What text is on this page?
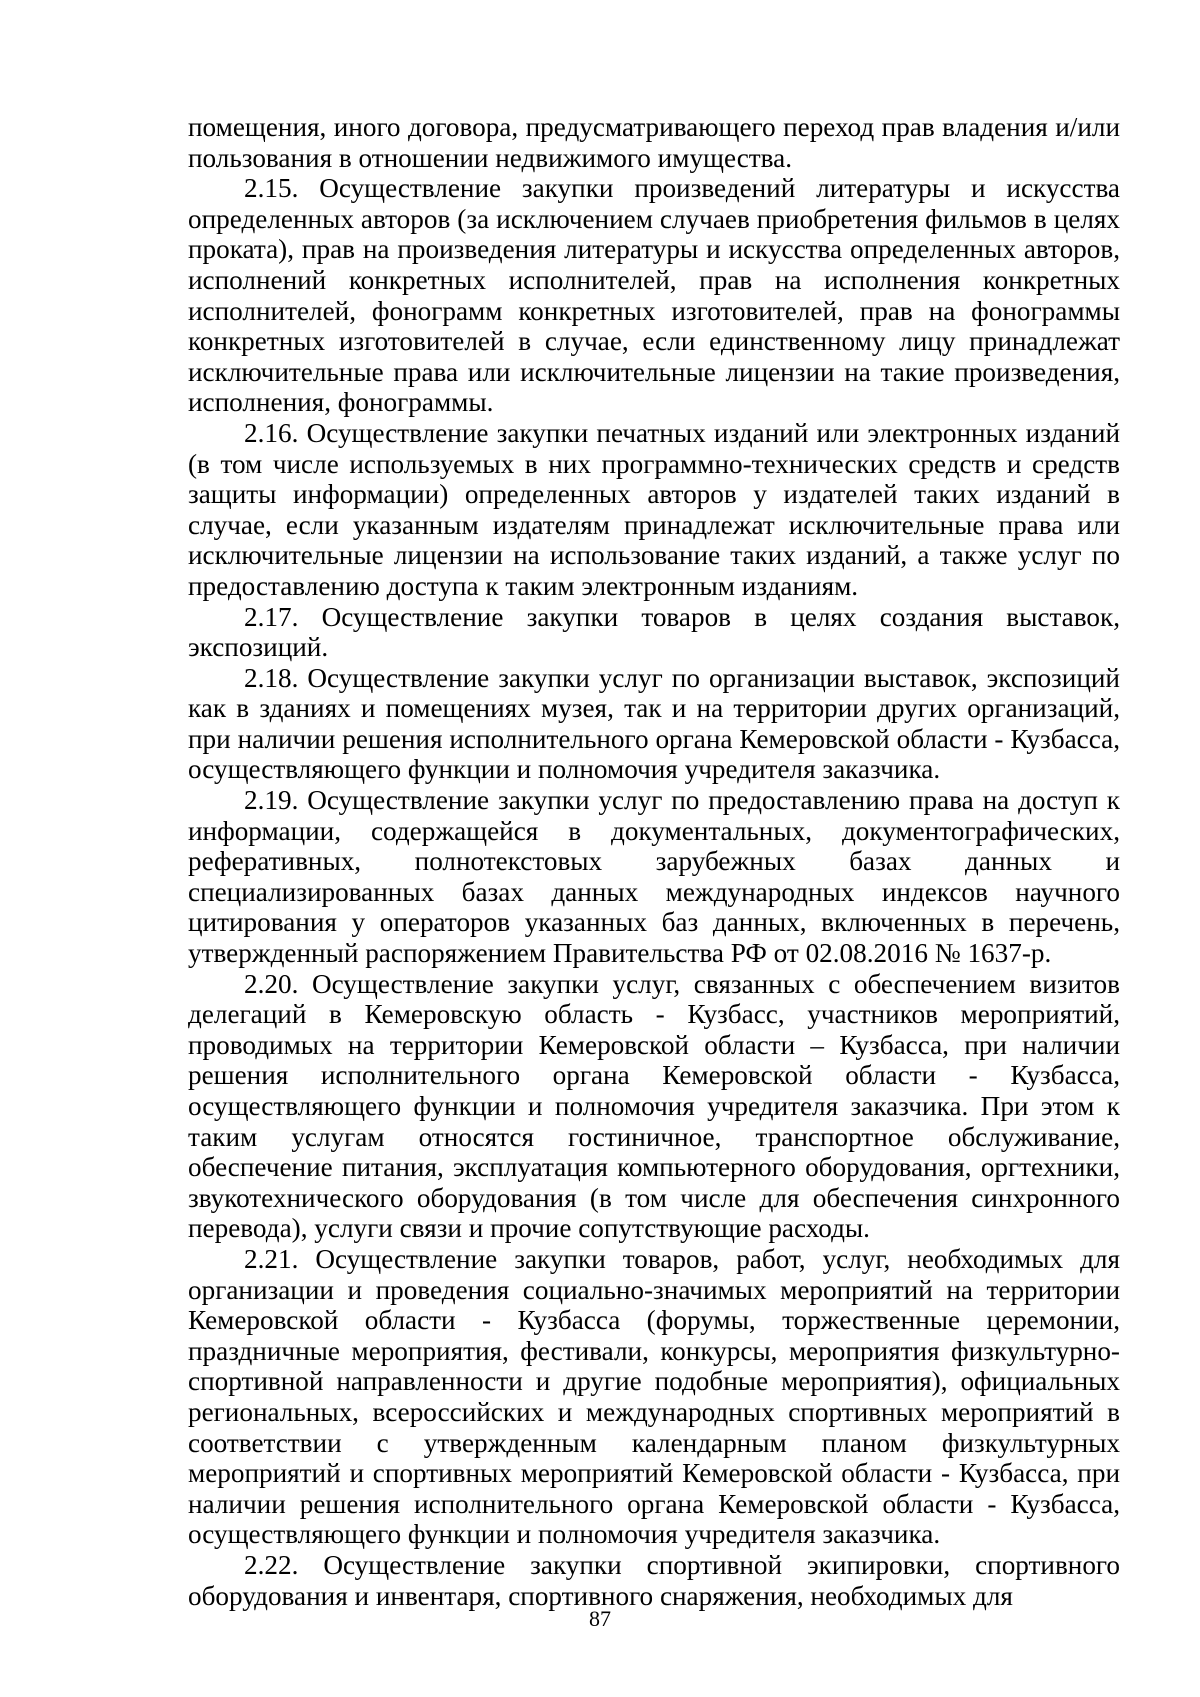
помещения, иного договора, предусматривающего переход прав владения и/или пользования в отношении недвижимого имущества.

2.15. Осуществление закупки произведений литературы и искусства определенных авторов (за исключением случаев приобретения фильмов в целях проката), прав на произведения литературы и искусства определенных авторов, исполнений конкретных исполнителей, прав на исполнения конкретных исполнителей, фонограмм конкретных изготовителей, прав на фонограммы конкретных изготовителей в случае, если единственному лицу принадлежат исключительные права или исключительные лицензии на такие произведения, исполнения, фонограммы.

2.16. Осуществление закупки печатных изданий или электронных изданий (в том числе используемых в них программно-технических средств и средств защиты информации) определенных авторов у издателей таких изданий в случае, если указанным издателям принадлежат исключительные права или исключительные лицензии на использование таких изданий, а также услуг по предоставлению доступа к таким электронным изданиям.

2.17. Осуществление закупки товаров в целях создания выставок, экспозиций.

2.18. Осуществление закупки услуг по организации выставок, экспозиций как в зданиях и помещениях музея, так и на территории других организаций, при наличии решения исполнительного органа Кемеровской области - Кузбасса, осуществляющего функции и полномочия учредителя заказчика.

2.19. Осуществление закупки услуг по предоставлению права на доступ к информации, содержащейся в документальных, документографических, реферативных, полнотекстовых зарубежных базах данных и специализированных базах данных международных индексов научного цитирования у операторов указанных баз данных, включенных в перечень, утвержденный распоряжением Правительства РФ от 02.08.2016 № 1637-р.

2.20. Осуществление закупки услуг, связанных с обеспечением визитов делегаций в Кемеровскую область - Кузбасс, участников мероприятий, проводимых на территории Кемеровской области – Кузбасса, при наличии решения исполнительного органа Кемеровской области - Кузбасса, осуществляющего функции и полномочия учредителя заказчика. При этом к таким услугам относятся гостиничное, транспортное обслуживание, обеспечение питания, эксплуатация компьютерного оборудования, оргтехники, звукотехнического оборудования (в том числе для обеспечения синхронного перевода), услуги связи и прочие сопутствующие расходы.

2.21. Осуществление закупки товаров, работ, услуг, необходимых для организации и проведения социально-значимых мероприятий на территории Кемеровской области - Кузбасса (форумы, торжественные церемонии, праздничные мероприятия, фестивали, конкурсы, мероприятия физкультурно-спортивной направленности и другие подобные мероприятия), официальных региональных, всероссийских и международных спортивных мероприятий в соответствии с утвержденным календарным планом физкультурных мероприятий и спортивных мероприятий Кемеровской области - Кузбасса, при наличии решения исполнительного органа Кемеровской области - Кузбасса, осуществляющего функции и полномочия учредителя заказчика.

2.22. Осуществление закупки спортивной экипировки, спортивного оборудования и инвентаря, спортивного снаряжения, необходимых для

87
